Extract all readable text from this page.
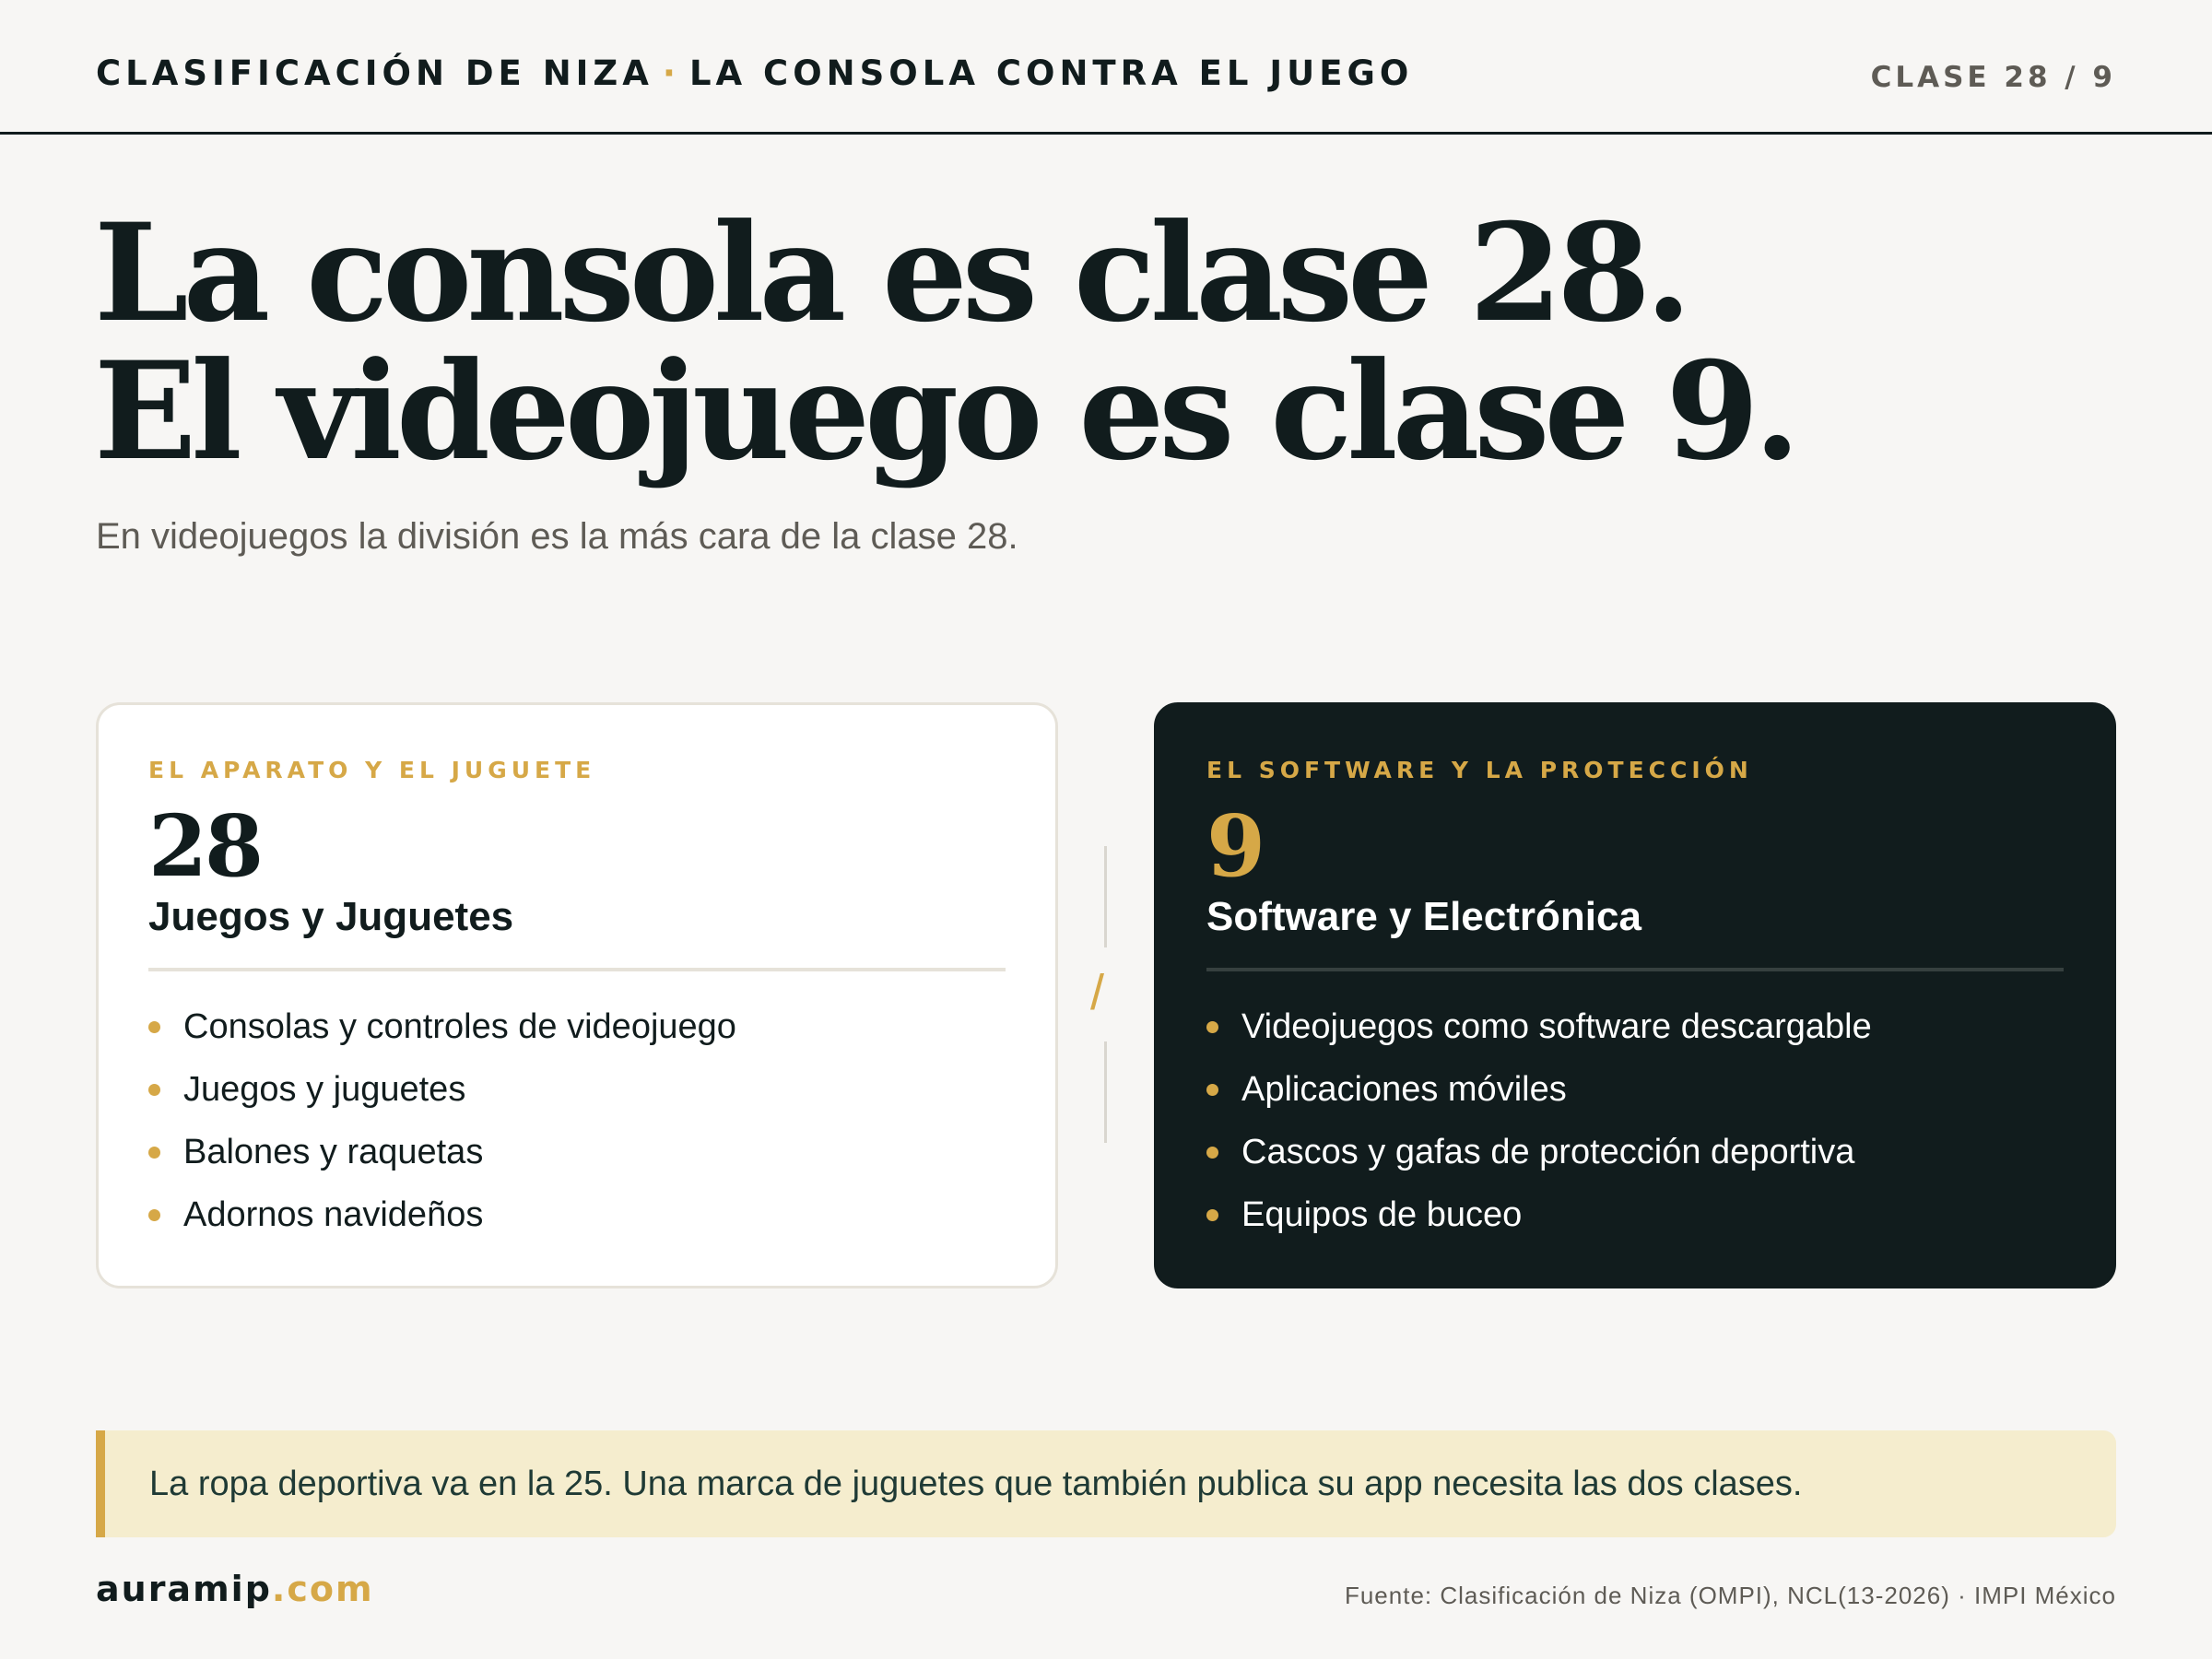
CLASIFICACIÓN DE NIZA · LA CONSOLA CONTRA EL JUEGO	CLASE 28 / 9
La consola es clase 28.
El videojuego es clase 9.
En videojuegos la división es la más cara de la clase 28.
EL APARATO Y EL JUGUETE
28
Juegos y Juguetes
Consolas y controles de videojuego
Juegos y juguetes
Balones y raquetas
Adornos navideños
/
EL SOFTWARE Y LA PROTECCIÓN
9
Software y Electrónica
Videojuegos como software descargable
Aplicaciones móviles
Cascos y gafas de protección deportiva
Equipos de buceo
La ropa deportiva va en la 25. Una marca de juguetes que también publica su app necesita las dos clases.
auramip.com	Fuente: Clasificación de Niza (OMPI), NCL(13-2026) · IMPI México
